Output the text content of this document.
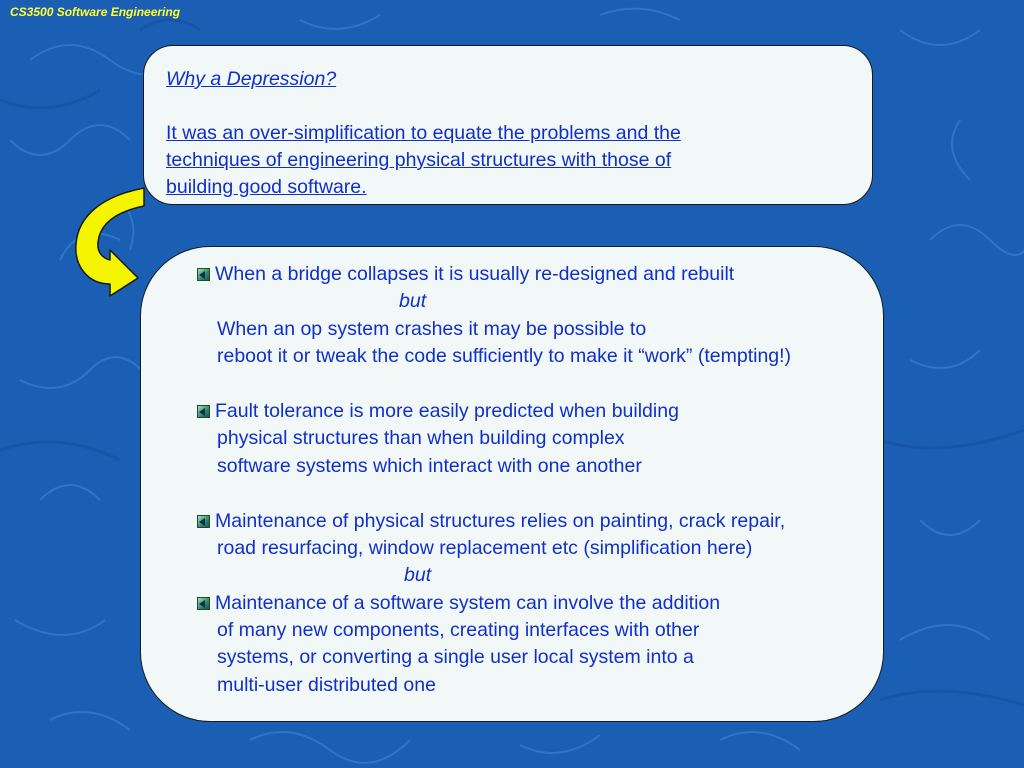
CS3500 Software Engineering
Why a Depression?
It was an over-simplification to equate the problems and the
techniques of engineering physical structures with those of
building good software.
When a bridge collapses it is usually re-designed and rebuilt
but
When an op system crashes it may be possible to
reboot it or tweak the code sufficiently to make it “work” (tempting!)
Fault tolerance is more easily predicted when building
physical structures than when building complex
software systems which interact with one another
Maintenance of physical structures relies on painting, crack repair,
road resurfacing, window replacement etc (simplification here)
but
Maintenance of a software system can involve the addition
of many new components, creating interfaces with other
systems, or converting a single user local system into a
multi-user distributed one
